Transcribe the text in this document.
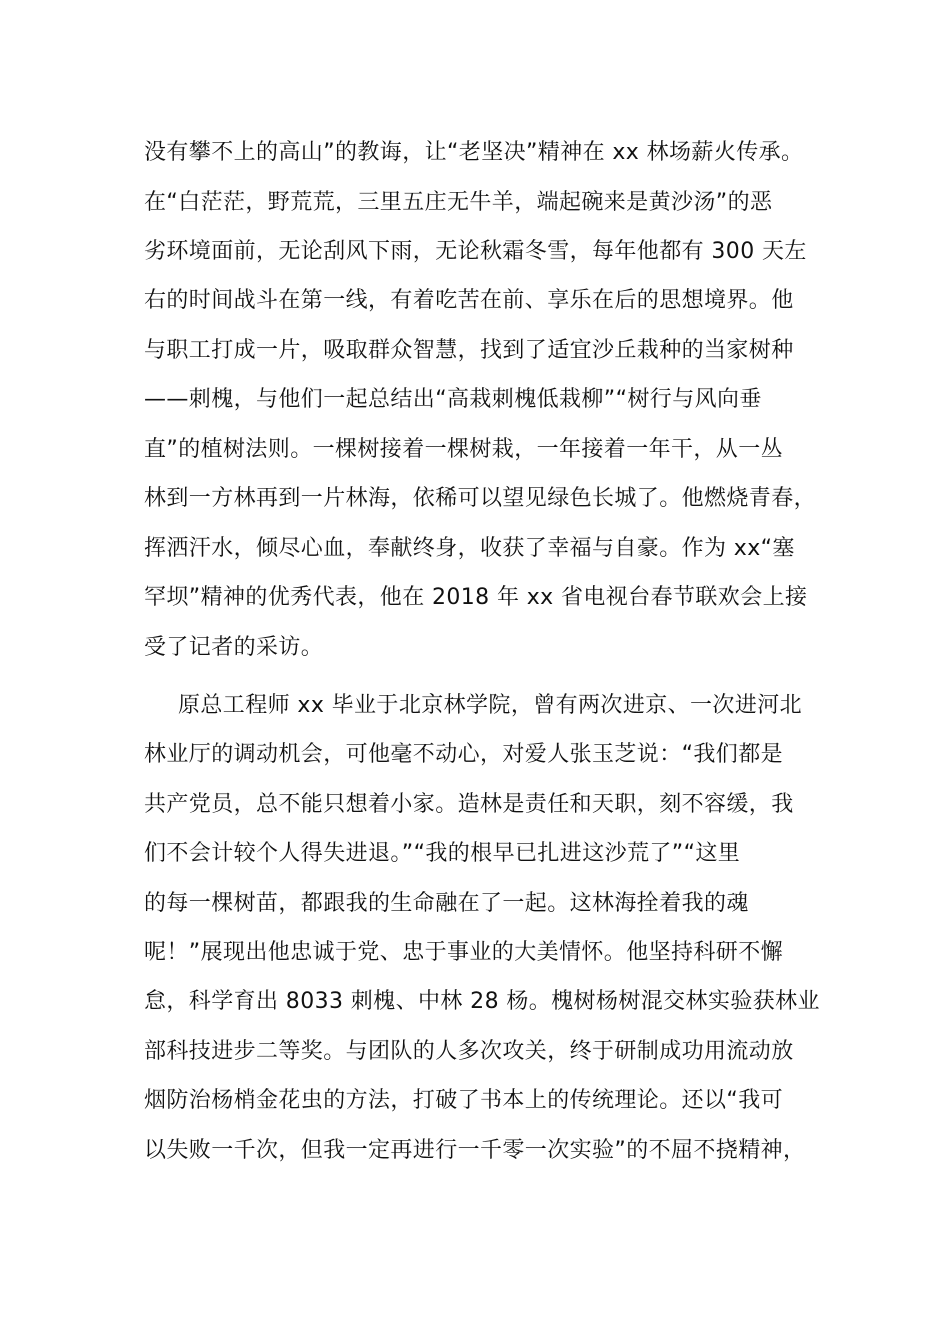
没有攀不上的高山”的教诲，让“老坚决”精神在 xx 林场薪火传承。
在“白茫茫，野荒荒，三里五庄无牛羊，端起碗来是黄沙汤”的恶
劣环境面前，无论刮风下雨，无论秋霜冬雪，每年他都有 300 天左
右的时间战斗在第一线，有着吃苦在前、享乐在后的思想境界。他
与职工打成一片，吸取群众智慧，找到了适宜沙丘栽种的当家树种
——刺槐，与他们一起总结出“高栽刺槐低栽柳”“树行与风向垂
直”的植树法则。一棵树接着一棵树栽，一年接着一年干，从一丛
林到一方林再到一片林海，依稀可以望见绿色长城了。他燃烧青春，
挥洒汗水，倾尽心血，奉献终身，收获了幸福与自豪。作为 xx“塞
罕坝”精神的优秀代表，他在 2018 年 xx 省电视台春节联欢会上接
受了记者的采访。
原总工程师 xx 毕业于北京林学院，曾有两次进京、一次进河北
林业厅的调动机会，可他毫不动心，对爱人张玉芝说：“我们都是
共产党员，总不能只想着小家。造林是责任和天职，刻不容缓，我
们不会计较个人得失进退。”“我的根早已扎进这沙荒了”“这里
的每一棵树苗，都跟我的生命融在了一起。这林海拴着我的魂
呢！”展现出他忠诚于党、忠于事业的大美情怀。他坚持科研不懈
怠，科学育出 8033 刺槐、中林 28 杨。槐树杨树混交林实验获林业
部科技进步二等奖。与团队的人多次攻关，终于研制成功用流动放
烟防治杨梢金花虫的方法，打破了书本上的传统理论。还以“我可
以失败一千次，但我一定再进行一千零一次实验”的不屈不挠精神，
